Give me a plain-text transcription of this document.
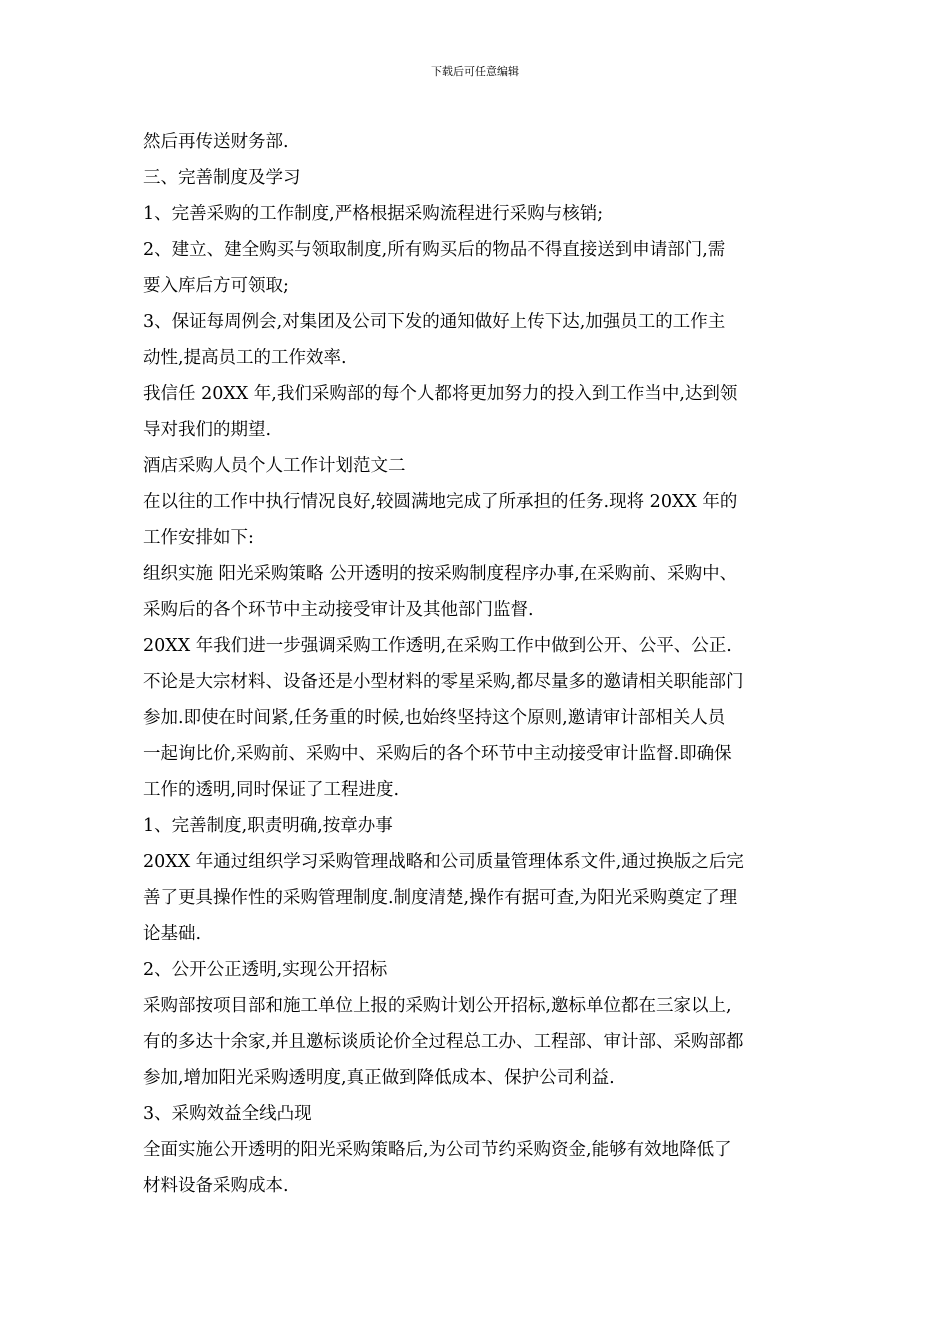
下载后可任意编辑
然后再传送财务部.
三、完善制度及学习
1、完善采购的工作制度,严格根据采购流程进行采购与核销;
2、建立、建全购买与领取制度,所有购买后的物品不得直接送到申请部门,需
要入库后方可领取;
3、保证每周例会,对集团及公司下发的通知做好上传下达,加强员工的工作主
动性,提高员工的工作效率.
我信任 20XX 年,我们采购部的每个人都将更加努力的投入到工作当中,达到领
导对我们的期望.
酒店采购人员个人工作计划范文二
在以往的工作中执行情况良好,较圆满地完成了所承担的任务.现将 20XX 年的
工作安排如下:
组织实施 阳光采购策略 公开透明的按采购制度程序办事,在采购前、采购中、
采购后的各个环节中主动接受审计及其他部门监督.
20XX 年我们进一步强调采购工作透明,在采购工作中做到公开、公平、公正.
不论是大宗材料、设备还是小型材料的零星采购,都尽量多的邀请相关职能部门
参加.即使在时间紧,任务重的时候,也始终坚持这个原则,邀请审计部相关人员
一起询比价,采购前、采购中、采购后的各个环节中主动接受审计监督.即确保
工作的透明,同时保证了工程进度.
1、完善制度,职责明确,按章办事
20XX 年通过组织学习采购管理战略和公司质量管理体系文件,通过换版之后完
善了更具操作性的采购管理制度.制度清楚,操作有据可查,为阳光采购奠定了理
论基础.
2、公开公正透明,实现公开招标
采购部按项目部和施工单位上报的采购计划公开招标,邀标单位都在三家以上,
有的多达十余家,并且邀标谈质论价全过程总工办、工程部、审计部、采购部都
参加,增加阳光采购透明度,真正做到降低成本、保护公司利益.
3、采购效益全线凸现
全面实施公开透明的阳光采购策略后,为公司节约采购资金,能够有效地降低了
材料设备采购成本.
